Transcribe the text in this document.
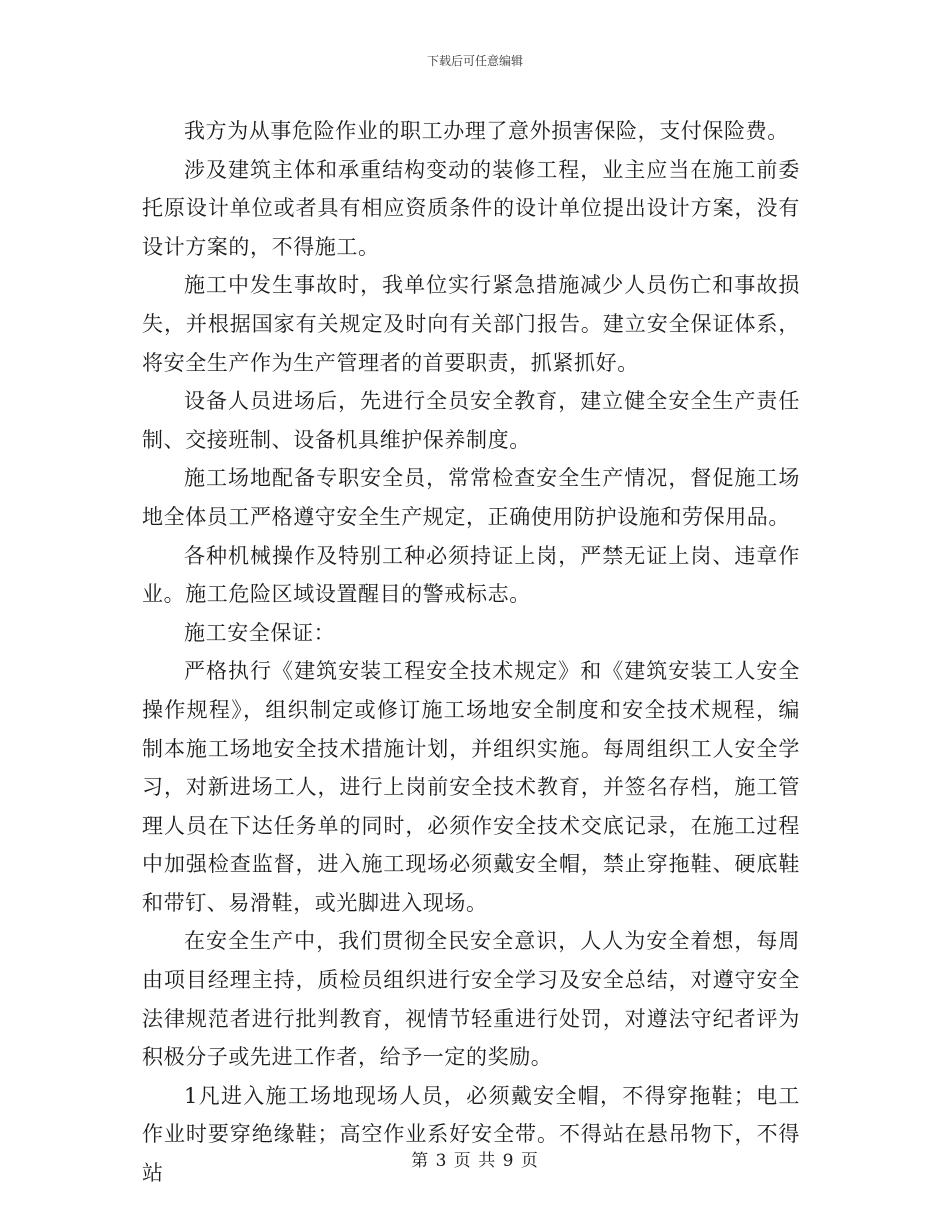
下载后可任意编辑

我方为从事危险作业的职工办理了意外损害保险，支付保险费。

涉及建筑主体和承重结构变动的装修工程，业主应当在施工前委托原设计单位或者具有相应资质条件的设计单位提出设计方案，没有设计方案的，不得施工。

施工中发生事故时，我单位实行紧急措施减少人员伤亡和事故损失，并根据国家有关规定及时向有关部门报告。建立安全保证体系，将安全生产作为生产管理者的首要职责，抓紧抓好。

设备人员进场后，先进行全员安全教育，建立健全安全生产责任制、交接班制、设备机具维护保养制度。

施工场地配备专职安全员，常常检查安全生产情况，督促施工场地全体员工严格遵守安全生产规定，正确使用防护设施和劳保用品。

各种机械操作及特别工种必须持证上岗，严禁无证上岗、违章作业。施工危险区域设置醒目的警戒标志。

施工安全保证：

严格执行《建筑安装工程安全技术规定》和《建筑安装工人安全操作规程》，组织制定或修订施工场地安全制度和安全技术规程，编制本施工场地安全技术措施计划，并组织实施。每周组织工人安全学习，对新进场工人，进行上岗前安全技术教育，并签名存档，施工管理人员在下达任务单的同时，必须作安全技术交底记录，在施工过程中加强检查监督，进入施工现场必须戴安全帽，禁止穿拖鞋、硬底鞋和带钉、易滑鞋，或光脚进入现场。

在安全生产中，我们贯彻全民安全意识，人人为安全着想，每周由项目经理主持，质检员组织进行安全学习及安全总结，对遵守安全法律规范者进行批判教育，视情节轻重进行处罚，对遵法守纪者评为积极分子或先进工作者，给予一定的奖励。

1凡进入施工场地现场人员，必须戴安全帽，不得穿拖鞋；电工作业时要穿绝缘鞋；高空作业系好安全带。不得站在悬吊物下，不得站

第 3 页 共 9 页
